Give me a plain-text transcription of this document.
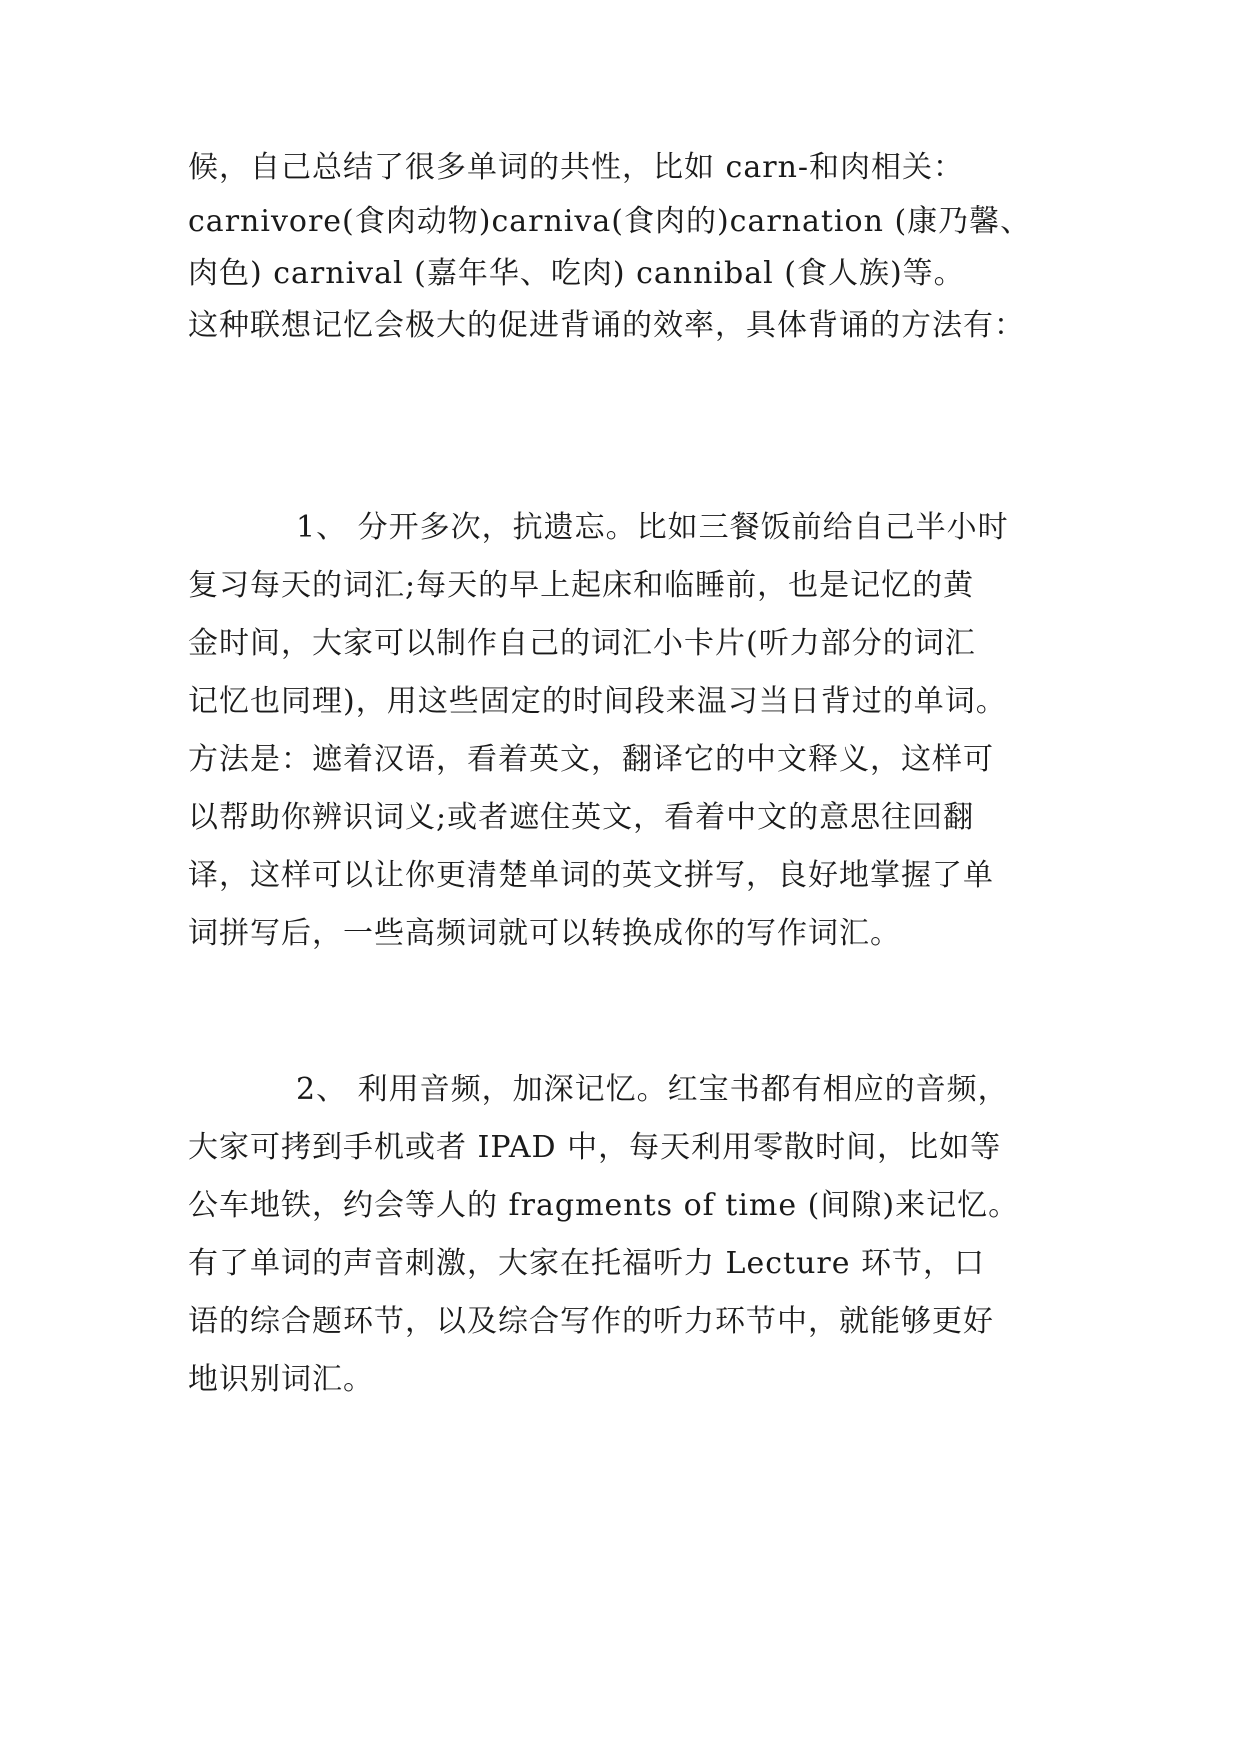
候，自己总结了很多单词的共性，比如 carn-和肉相关：
carnivore(食肉动物)carniva(食肉的)carnation (康乃馨、
肉色) carnival (嘉年华、吃肉) cannibal (食人族)等。
这种联想记忆会极大的促进背诵的效率，具体背诵的方法有：
1、 分开多次，抗遗忘。比如三餐饭前给自己半小时
复习每天的词汇;每天的早上起床和临睡前，也是记忆的黄
金时间，大家可以制作自己的词汇小卡片(听力部分的词汇
记忆也同理)，用这些固定的时间段来温习当日背过的单词。
方法是：遮着汉语，看着英文，翻译它的中文释义，这样可
以帮助你辨识词义;或者遮住英文，看着中文的意思往回翻
译，这样可以让你更清楚单词的英文拼写，良好地掌握了单
词拼写后，一些高频词就可以转换成你的写作词汇。
2、 利用音频，加深记忆。红宝书都有相应的音频，
大家可拷到手机或者 IPAD 中，每天利用零散时间，比如等
公车地铁，约会等人的 fragments of time (间隙)来记忆。
有了单词的声音刺激，大家在托福听力 Lecture 环节，口
语的综合题环节，以及综合写作的听力环节中，就能够更好
地识别词汇。
